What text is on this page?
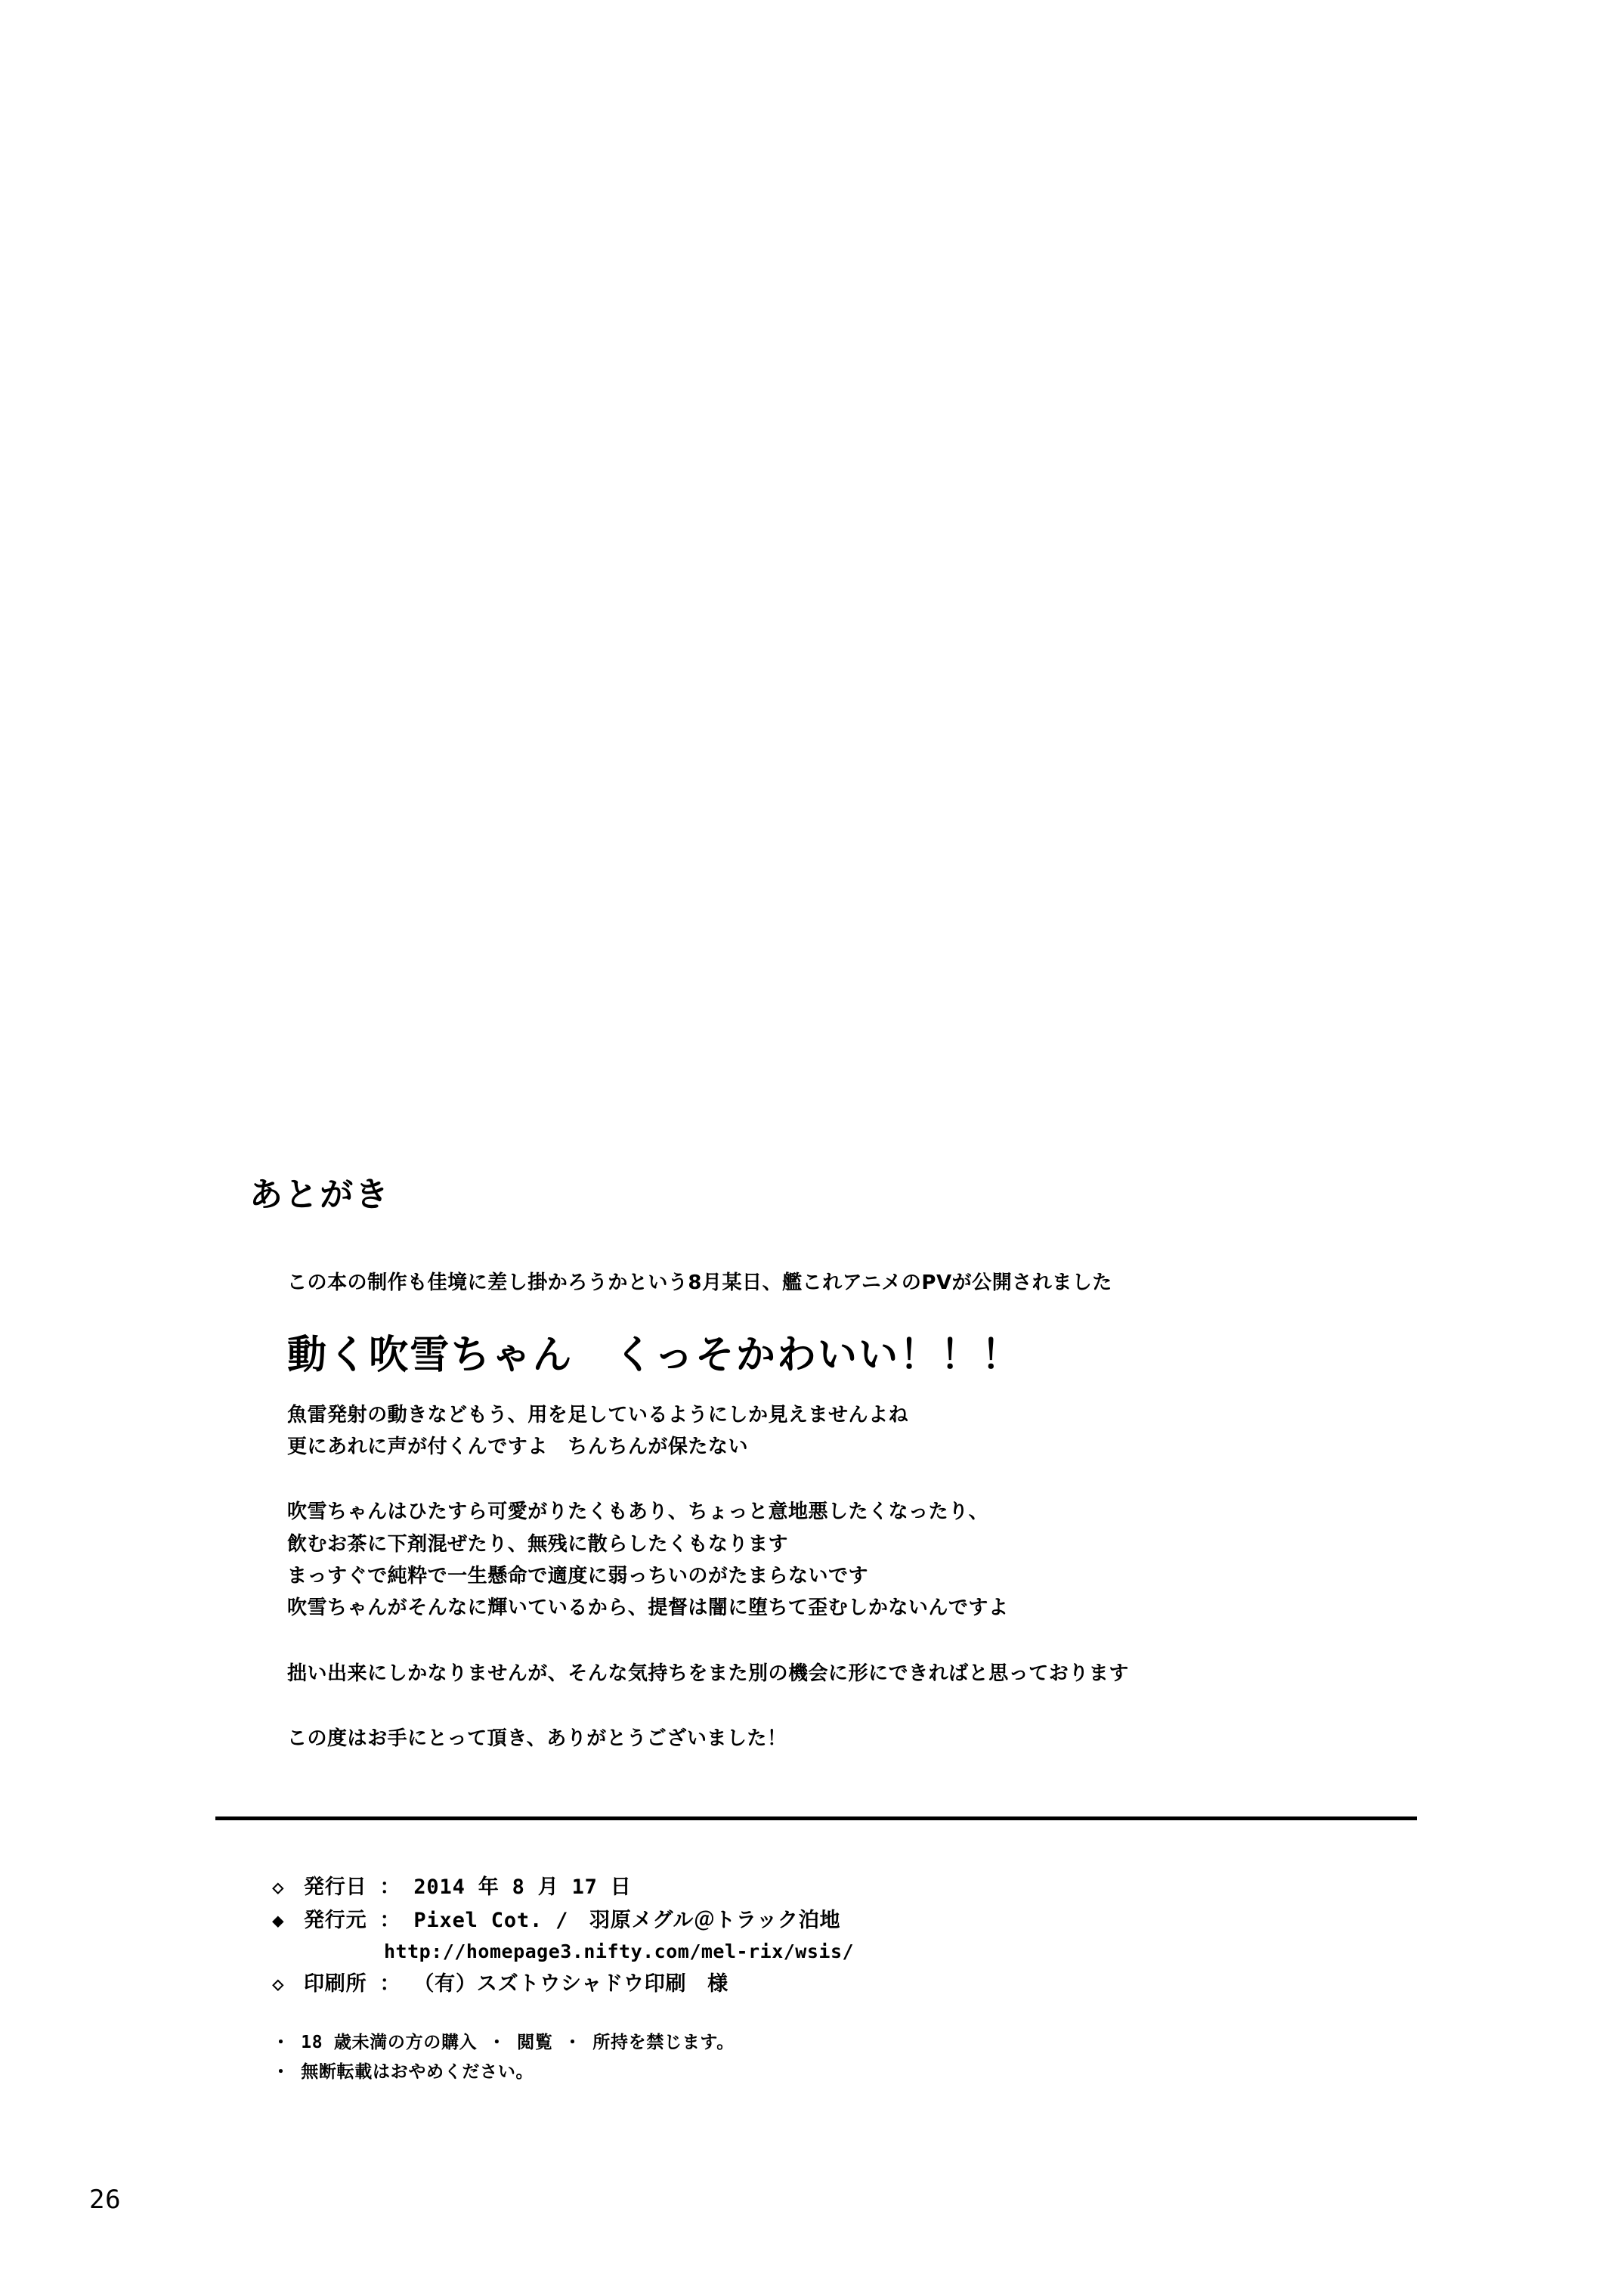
あとがき

この本の制作も佳境に差し掛かろうかという8月某日、艦これアニメのPVが公開されました

動く吹雪ちゃん　くっそかわいい！！！

魚雷発射の動きなどもう、用を足しているようにしか見えませんよね

更にあれに声が付くんですよ　ちんちんが保たない

吹雪ちゃんはひたすら可愛がりたくもあり、ちょっと意地悪したくなったり、

飲むお茶に下剤混ぜたり、無残に散らしたくもなります

まっすぐで純粋で一生懸命で適度に弱っちいのがたまらないです

吹雪ちゃんがそんなに輝いているから、提督は闇に堕ちて歪むしかないんですよ

拙い出来にしかなりませんが、そんな気持ちをまた別の機会に形にできればと思っております

この度はお手にとって頂き、ありがとうございました！

◇ 発行日 ： 2014 年 8 月 17 日
◆ 発行元 ： Pixel Cot. /　羽原メグル＠トラック泊地
http://homepage3.nifty.com/mel-rix/wsis/
◇ 印刷所 ： （有）スズトウシャドウ印刷　様
・ 18 歳未満の方の購入 ・ 閲覧 ・ 所持を禁じます。
・ 無断転載はおやめください。
26
